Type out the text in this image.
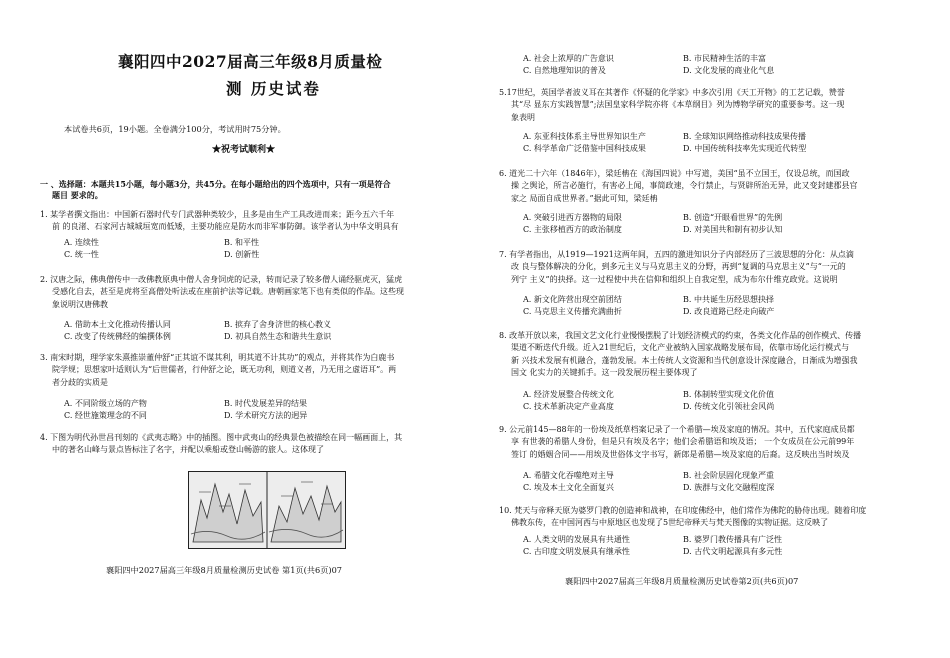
襄阳四中2027届高三年级8月质量检
测 历史试卷
本试卷共6页，19小题。全卷满分100分，考试用时75分钟。
★祝考试顺利★
一 、选择题：本题共15小题，每小题3分，共45分。在每小题给出的四个选项中，只有一项是符合
题目 要求的。
1. 某学者撰文指出：中国新石器时代专门武器种类较少，且多是由生产工具改进而来；距今五六千年
前 的良渚、石家河古城城垣宽而低矮，主要功能应是防水而非军事防御。该学者认为中华文明具有
A. 连续性	B. 和平性
C. 统一性	D. 创新性
2. 汉唐之际，佛典僧传中一改佛教原典中僧人舍身饲虎的记录，转而记录了较多僧人诵经驱虎灭，猛虎
受感化自去，甚至是虎将至高僧处听法或在座前护法等记载。唐朝画家笔下也有类似的作品。这些现
象说明汉唐佛教
A. 借助本土文化推动传播认同	B. 摈弃了舍身济世的核心教义
C. 改变了传统佛经的编撰体例	D. 初具自然生态和谐共生意识
3. 南宋时期，理学家朱熹推崇董仲舒“正其谊不谋其利，明其道不计其功”的观点，并将其作为白鹿书
院学规；思想家叶适则认为“后世儒者，行仲舒之论，既无功利，则道义者，乃无用之虚语耳”。两
者分歧的实质是
A. 不同阶级立场的产物	B. 时代发展差异的结果
C. 经世施策理念的不同	D. 学术研究方法的迥异
4. 下图为明代孙世昌刊刻的《武夷志略》中的插图。图中武夷山的经典景色被描绘在同一幅画面上，其
中的著名山峰与景点皆标注了名字，并配以乘船或登山畅游的旅人。这体现了
襄阳四中2027届高三年级8月质量检测历史试卷 第1页(共6页)07
A. 社会上浓厚的广告意识	B. 市民精神生活的丰富
C. 自然地理知识的普及	D. 文化发展的商业化气息
5.17世纪，英国学者波义耳在其著作《怀疑的化学家》中多次引用《天工开物》的工艺记载，赞誉
其“尽 显东方实践智慧”;法国皇家科学院亦将《本草纲目》列为博物学研究的重要参考。这一现
象表明
A. 东亚科技体系主导世界知识生产	B. 全球知识网络推动科技成果传播
C. 科学革命广泛借鉴中国科技成果	D. 中国传统科技率先实现近代转型
6. 道光二十六年（1846年），梁廷柟在《海国四说》中写道，美国“虽不立国王，仅设总统，而国政
操 之舆论，所言必施行，有害必上闻，事简政速，令行禁止，与贤辟所治无异，此又变封建郡县官
家之 局面自成世界者。”据此可知，梁廷柟
A. 突破引进西方器物的局限	B. 创造“开眼看世界”的先例
C. 主张移植西方的政治制度	D. 对美国共和制有初步认知
7. 有学者指出，从1919—1921这两年间，五四的激进知识分子内部经历了三波思想的分化：从点滴
改 良与整体解决的分化，到多元主义与马克思主义的分野，再到“复调的马克思主义”与“一元的
列宁 主义”的抉择。这一过程使中共在信仰和组织上自我定型，成为布尔什维克政党。这说明
A. 新文化阵营出现空前团结	B. 中共诞生历经思想抉择
C. 马克思主义传播充满曲折	D. 改良道路已经走向破产
8. 改革开放以来，我国文艺文化行业慢慢摆脱了计划经济模式的约束，各类文化作品的创作模式、传播
渠道不断迭代升级。近入21世纪后，文化产业被纳入国家战略发展布局，依靠市场化运行模式与
新 兴技术发展有机融合，蓬勃发展。本土传统人文资源和当代创意设计深度融合，日渐成为增强我
国文 化实力的关键抓手。这一段发展历程主要体现了
A. 经济发展整合传统文化	B. 体制转型实现文化价值
C. 技术革新决定产业高度	D. 传统文化引领社会风尚
9. 公元前145—88年的一份埃及纸草档案记录了一个希腊—埃及家庭的情况。其中，五代家庭成员都
享 有世袭的希腊人身份，但是只有埃及名字；他们会希腊语和埃及语； 一个女成员在公元前99年
签订 的婚姻合同——用埃及世俗体文字书写，新郎是希腊—埃及家庭的后裔。这反映出当时埃及
A. 希腊文化吞噬绝对主导	B. 社会阶层固化现象严重
C. 埃及本土文化全面复兴	D. 族群与文化交融程度深
10. 梵天与帝释天原为婆罗门教的创造神和战神，在印度佛经中，他们常作为佛陀的胁侍出现。随着印度
佛教东传，在中国河西与中原地区也发现了5世纪帝释天与梵天图像的实物证据。这反映了
A. 人类文明的发展具有共通性	B. 婆罗门教传播具有广泛性
C. 古印度文明发展具有继承性	D. 古代文明起源具有多元性
襄阳四中2027届高三年级8月质量检测历史试卷第2页(共6页)07
